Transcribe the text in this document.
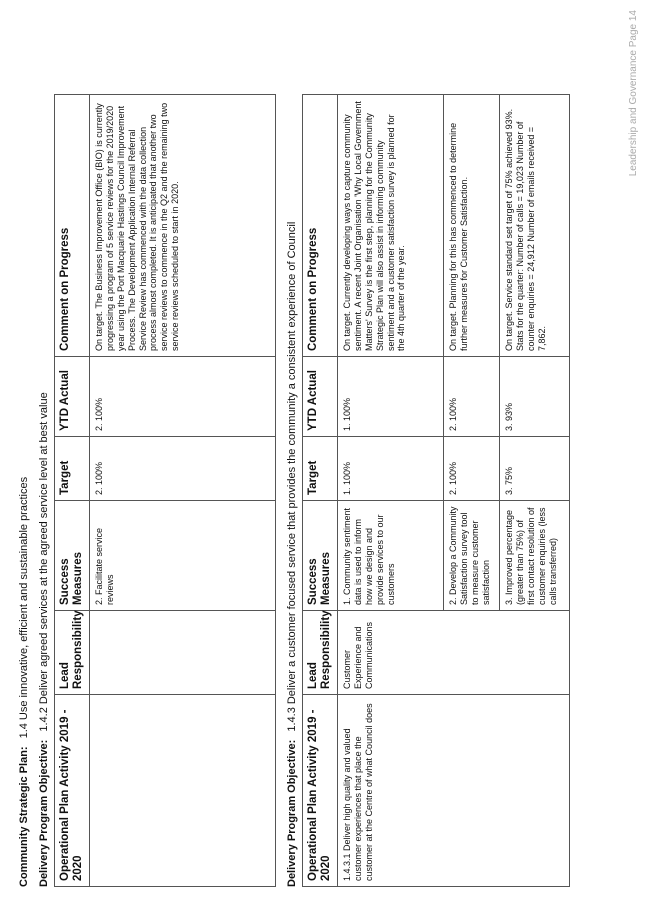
Community Strategic Plan:1.4 Use innovative, efficient and sustainable practices
Delivery Program Objective:1.4.2 Deliver agreed services at the agreed service level at best value
Operational Plan Activity 2019 - 2020	Lead Responsibility	Success Measures	Target	YTD Actual	Comment on Progress
		2. Facilitate service reviews	2. 100%	2. 100%	On target. The Business Improvement Office (BIO) is currently progressing a program of 5 service reviews for the 2019/2020 year using the Port Macquarie Hastings Council Improvement Process. The Development Application Internal Referral Service Review has commenced with the data collection process almost completed. It is anticipated that another two service reviews to commence in the Q2 and the remaining two service reviews scheduled to start in 2020.
Delivery Program Objective:1.4.3 Deliver a customer focused service that provides the community a consistent experience of Council
Operational Plan Activity 2019 - 2020	Lead Responsibility	Success Measures	Target	YTD Actual	Comment on Progress
1.4.3.1 Deliver high quality and valued customer experiences that place the customer at the Centre of what Council does	Customer Experience and Communications	1. Community sentiment data is used to inform how we design and provide services to our customers	1. 100%	1. 100%	On target. Currently developing ways to capture community sentiment. A recent Joint Organisation 'Why Local Government Matters' Survey is the first step, planning for the Community Strategic Plan will also assist in informing community sentiment and a customer satisfaction survey is planned for the 4th quarter of the year.
		2. Develop a Community Satisfaction survey tool to measure customer satisfaction	2. 100%	2. 100%	On target. Planning for this has commenced to determine further measures for Customer Satisfaction.
		3. Improved percentage (greater than 75%) of first contact resolution of customer enquiries (less calls transferred)	3. 75%	3. 93%	On target. Service standard set target of 75% achieved 93%. Stats for the quarter: Number of calls = 19,023 Number of counter enquiries = 24,912 Number of emails received = 7,862.
Leadership and Governance Page 14
